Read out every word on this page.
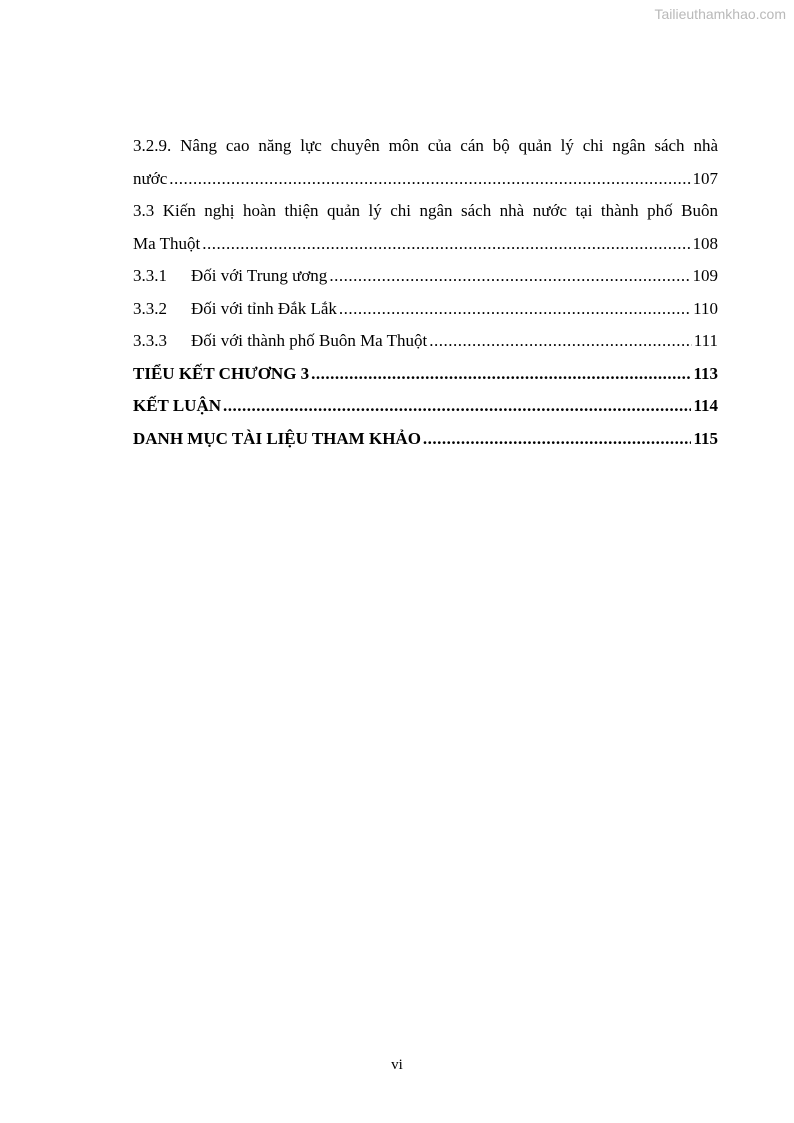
Tailieuthamkhao.com
3.2.9. Nâng cao năng lực chuyên môn của cán bộ quản lý chi ngân sách nhà
nước .....	107
3.3 Kiến nghị hoàn thiện quản lý chi ngân sách nhà nước tại thành phố Buôn
Ma Thuột .....	108
3.3.1	Đối với Trung ương .....	109
3.3.2	Đối với tỉnh Đắk Lắk .....	110
3.3.3	Đối với thành phố Buôn Ma Thuột .....	111
TIỂU KẾT CHƯƠNG 3 .....	113
KẾT LUẬN .....	114
DANH MỤC TÀI LIỆU THAM KHẢO .....	115
vi
